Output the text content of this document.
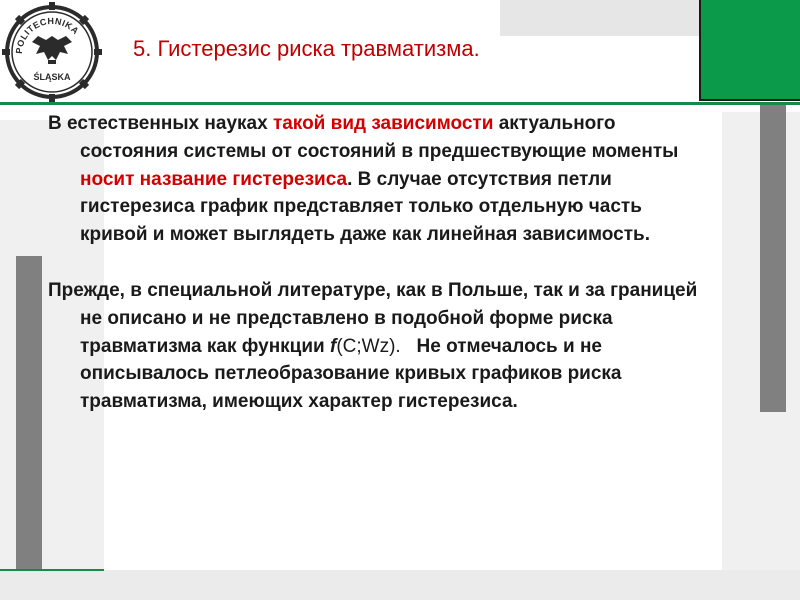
POLITECHNIKA
ŚLĄSKA
5. Гистерезис риска травматизма.

В естественных науках такой вид зависимости актуального состояния системы от состояний в предшествующие моменты носит название гистерезиса. В случае отсутствия петли гистерезиса график представляет только отдельную часть кривой и может выглядеть даже как линейная зависимость.

Прежде, в специальной литературе, как в Польше, так и за границей не описано и не представлено в подобной форме риска травматизма как функции f(C;Wz). Не отмечалось и не описывалось петлеобразование кривых графиков риска травматизма, имеющих характер гистерезиса.
